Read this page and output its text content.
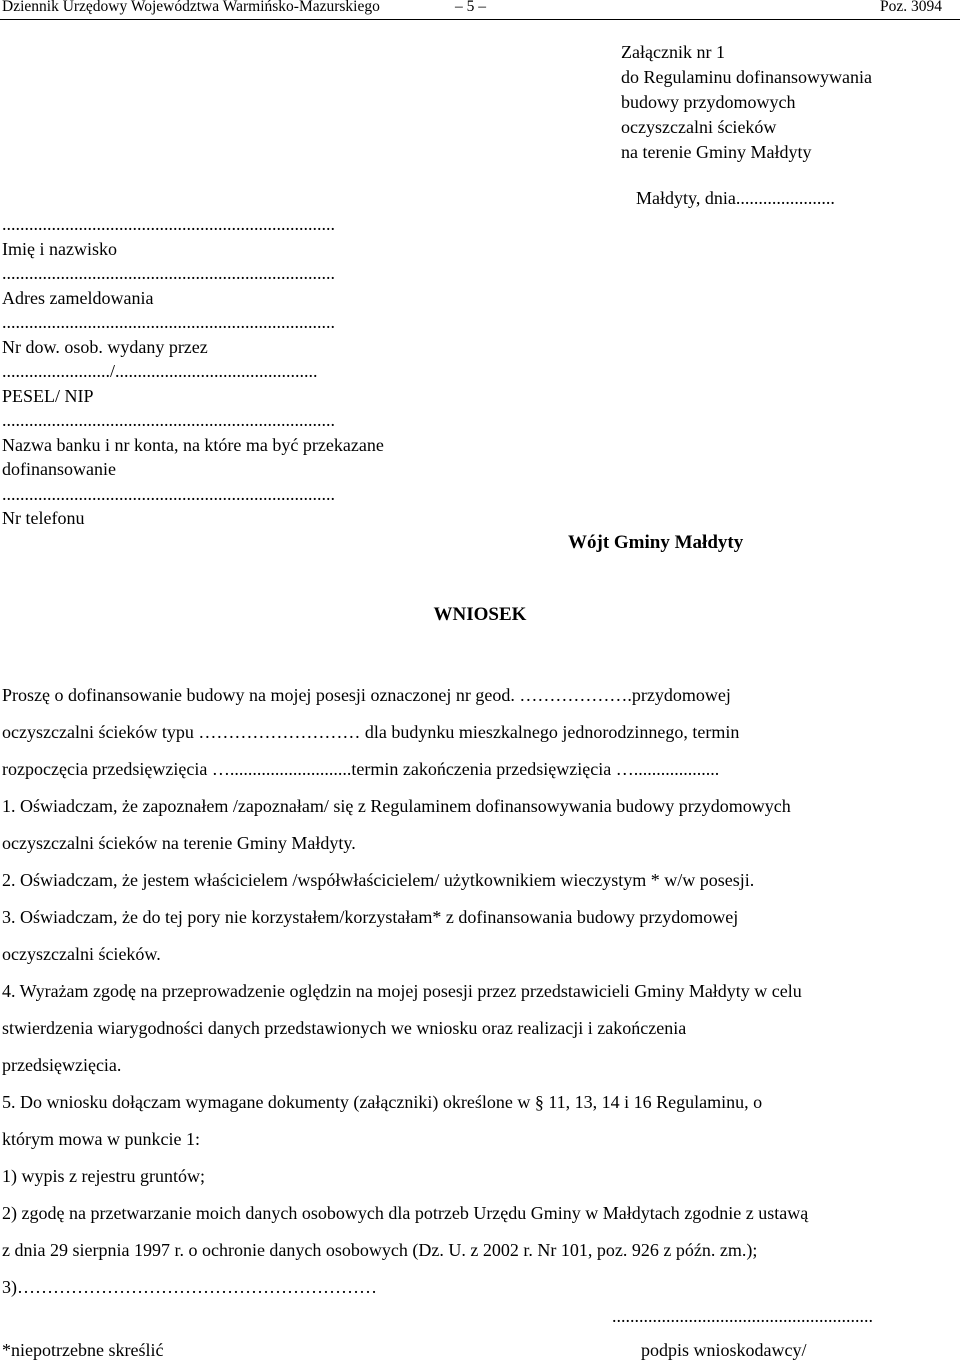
Dziennik Urzędowy Województwa Warmińsko-Mazurskiego	– 5 –	Poz. 3094
Załącznik nr 1
do Regulaminu dofinansowywania
budowy przydomowych
oczyszczalni ścieków
na terenie Gminy Małdyty
Małdyty, dnia......................
..........................................................................
Imię i nazwisko
..........................................................................
Adres zameldowania
..........................................................................
Nr dow. osob. wydany przez
......................../.............................................
PESEL/ NIP
..........................................................................
Nazwa banku i nr konta, na które ma być przekazane
dofinansowanie
..........................................................................
Nr telefonu
Wójt Gminy Małdyty
WNIOSEK

Proszę o dofinansowanie budowy na mojej posesji oznaczonej nr geod. ……………….przydomowej

oczyszczalni ścieków typu ……………………… dla budynku mieszkalnego jednorodzinnego, termin

rozpoczęcia przedsięwzięcia …...........................termin zakończenia przedsięwzięcia …...................

1. Oświadczam, że zapoznałem /zapoznałam/ się z Regulaminem dofinansowywania budowy przydomowych

oczyszczalni ścieków na terenie Gminy Małdyty.

2. Oświadczam, że jestem właścicielem /współwłaścicielem/ użytkownikiem wieczystym * w/w posesji.

3. Oświadczam, że do tej pory nie korzystałem/korzystałam* z dofinansowania budowy przydomowej

oczyszczalni ścieków.

4. Wyrażam zgodę na przeprowadzenie oględzin na mojej posesji przez przedstawicieli Gminy Małdyty w celu

stwierdzenia wiarygodności danych przedstawionych we wniosku oraz realizacji i zakończenia

przedsięwzięcia.

5. Do wniosku dołączam wymagane dokumenty (załączniki) określone w § 11, 13, 14 i 16 Regulaminu, o

którym mowa w punkcie 1:

1) wypis z rejestru gruntów;

2) zgodę na przetwarzanie moich danych osobowych dla potrzeb Urzędu Gminy w Małdytach zgodnie z ustawą

z dnia 29 sierpnia 1997 r. o ochronie danych osobowych (Dz. U. z 2002 r. Nr 101, poz. 926 z późn. zm.);

3)……………………………………………………

..........................................................
*niepotrzebne skreślić	podpis wnioskodawcy/
